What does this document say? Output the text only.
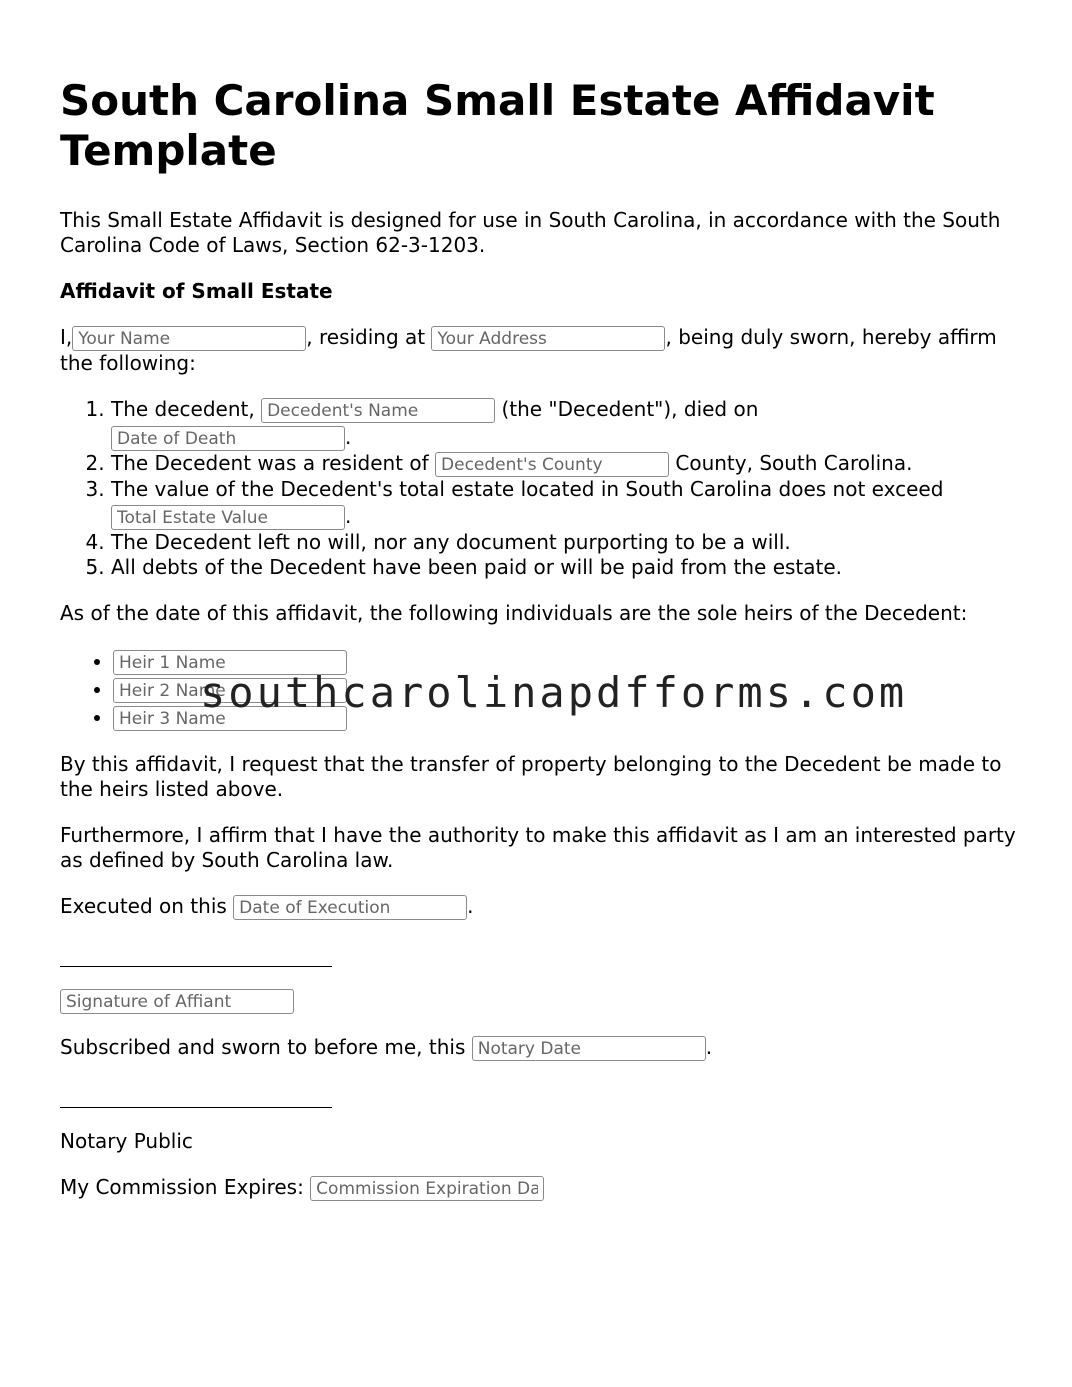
South Carolina Small Estate Affidavit Template

This Small Estate Affidavit is designed for use in South Carolina, in accordance with the South Carolina Code of Laws, Section 62-3-1203.

Affidavit of Small Estate

I,Your Name	, residing at Your Address	, being duly sworn, hereby affirm the following:

1. The decedent, Decedent's Name	(the "Decedent"), died on
Date of Death.
2. The Decedent was a resident of Decedent's County	County, South Carolina.
3. The value of the Decedent's total estate located in South Carolina does not exceed
Total Estate Value.
4. The Decedent left no will, nor any document purporting to be a will.
5. All debts of the Decedent have been paid or will be paid from the estate.

As of the date of this affidavit, the following individuals are the sole heirs of the Decedent:

• Heir 1 Name
• Heir 2 Name
• Heir 3 Name

By this affidavit, I request that the transfer of property belonging to the Decedent be made to the heirs listed above.

Furthermore, I affirm that I have the authority to make this affidavit as I am an interested party as defined by South Carolina law.

Executed on this Date of Execution	.

Signature of Affiant

Subscribed and sworn to before me, this Notary Date	.

Notary Public

My Commission Expires: Commission Expiration Date

southcarolinapdfforms.com
